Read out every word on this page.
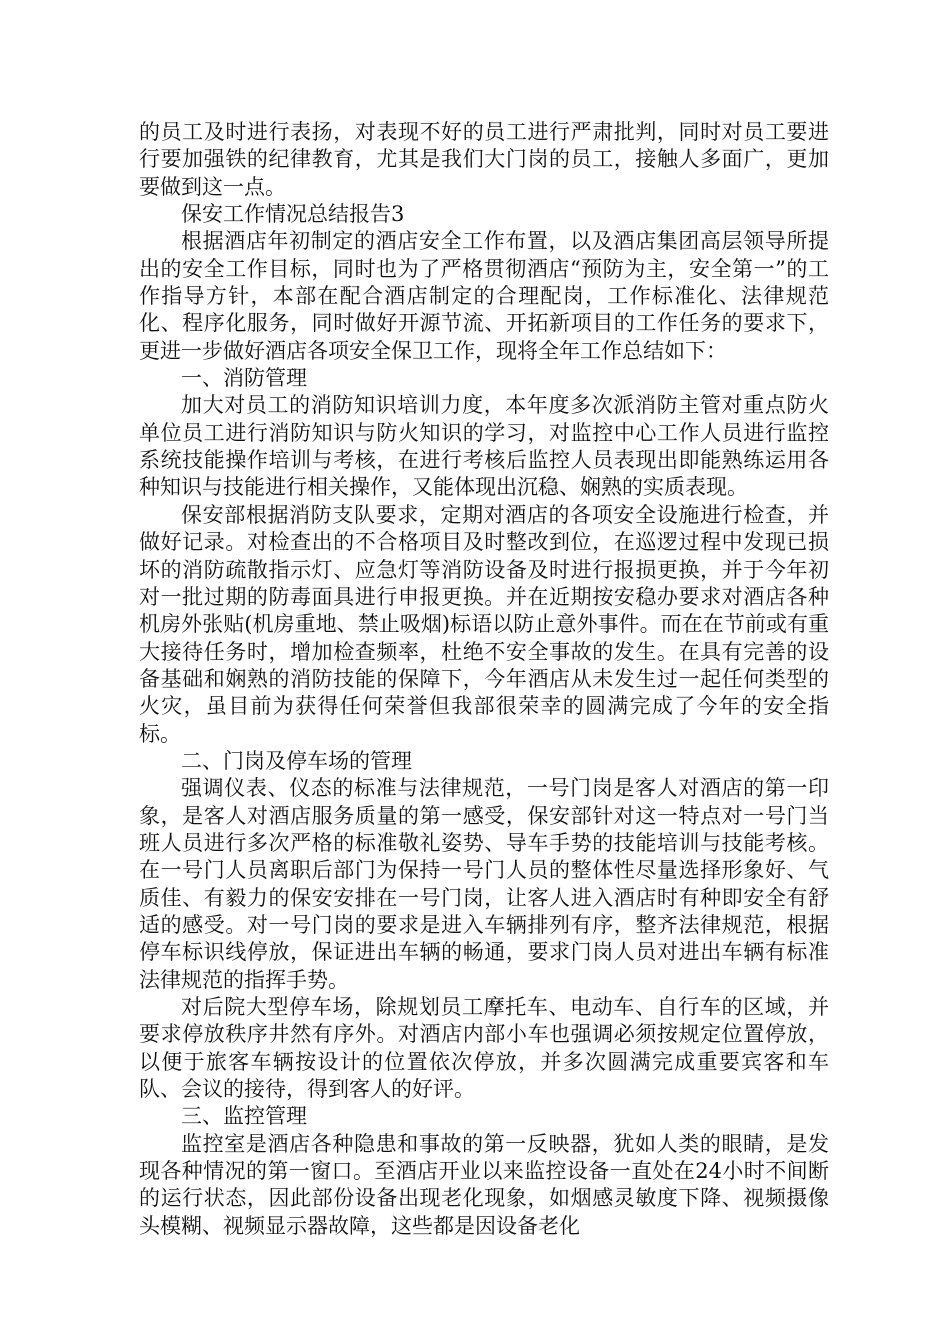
的员工及时进行表扬，对表现不好的员工进行严肃批判，同时对员工要进行要加强铁的纪律教育，尤其是我们大门岗的员工，接触人多面广，更加要做到这一点。

保安工作情况总结报告3

根据酒店年初制定的酒店安全工作布置，以及酒店集团高层领导所提出的安全工作目标，同时也为了严格贯彻酒店“预防为主，安全第一”的工作指导方针，本部在配合酒店制定的合理配岗，工作标准化、法律规范化、程序化服务，同时做好开源节流、开拓新项目的工作任务的要求下，更进一步做好酒店各项安全保卫工作，现将全年工作总结如下：

一、消防管理

加大对员工的消防知识培训力度，本年度多次派消防主管对重点防火单位员工进行消防知识与防火知识的学习，对监控中心工作人员进行监控系统技能操作培训与考核，在进行考核后监控人员表现出即能熟练运用各种知识与技能进行相关操作，又能体现出沉稳、娴熟的实质表现。

保安部根据消防支队要求，定期对酒店的各项安全设施进行检查，并做好记录。对检查出的不合格项目及时整改到位，在巡逻过程中发现已损坏的消防疏散指示灯、应急灯等消防设备及时进行报损更换，并于今年初对一批过期的防毒面具进行申报更换。并在近期按安稳办要求对酒店各种机房外张贴(机房重地、禁止吸烟)标语以防止意外事件。而在在节前或有重大接待任务时，增加检查频率，杜绝不安全事故的发生。在具有完善的设备基础和娴熟的消防技能的保障下，今年酒店从未发生过一起任何类型的火灾，虽目前为获得任何荣誉但我部很荣幸的圆满完成了今年的安全指标。

二、门岗及停车场的管理

强调仪表、仪态的标准与法律规范，一号门岗是客人对酒店的第一印象，是客人对酒店服务质量的第一感受，保安部针对这一特点对一号门当班人员进行多次严格的标准敬礼姿势、导车手势的技能培训与技能考核。在一号门人员离职后部门为保持一号门人员的整体性尽量选择形象好、气质佳、有毅力的保安安排在一号门岗，让客人进入酒店时有种即安全有舒适的感受。对一号门岗的要求是进入车辆排列有序，整齐法律规范，根据停车标识线停放，保证进出车辆的畅通，要求门岗人员对进出车辆有标准法律规范的指挥手势。

对后院大型停车场，除规划员工摩托车、电动车、自行车的区域，并要求停放秩序井然有序外。对酒店内部小车也强调必须按规定位置停放，以便于旅客车辆按设计的位置依次停放，并多次圆满完成重要宾客和车队、会议的接待，得到客人的好评。

三、监控管理

监控室是酒店各种隐患和事故的第一反映器，犹如人类的眼睛，是发现各种情况的第一窗口。至酒店开业以来监控设备一直处在24小时不间断的运行状态，因此部份设备出现老化现象，如烟感灵敏度下降、视频摄像头模糊、视频显示器故障，这些都是因设备老化
